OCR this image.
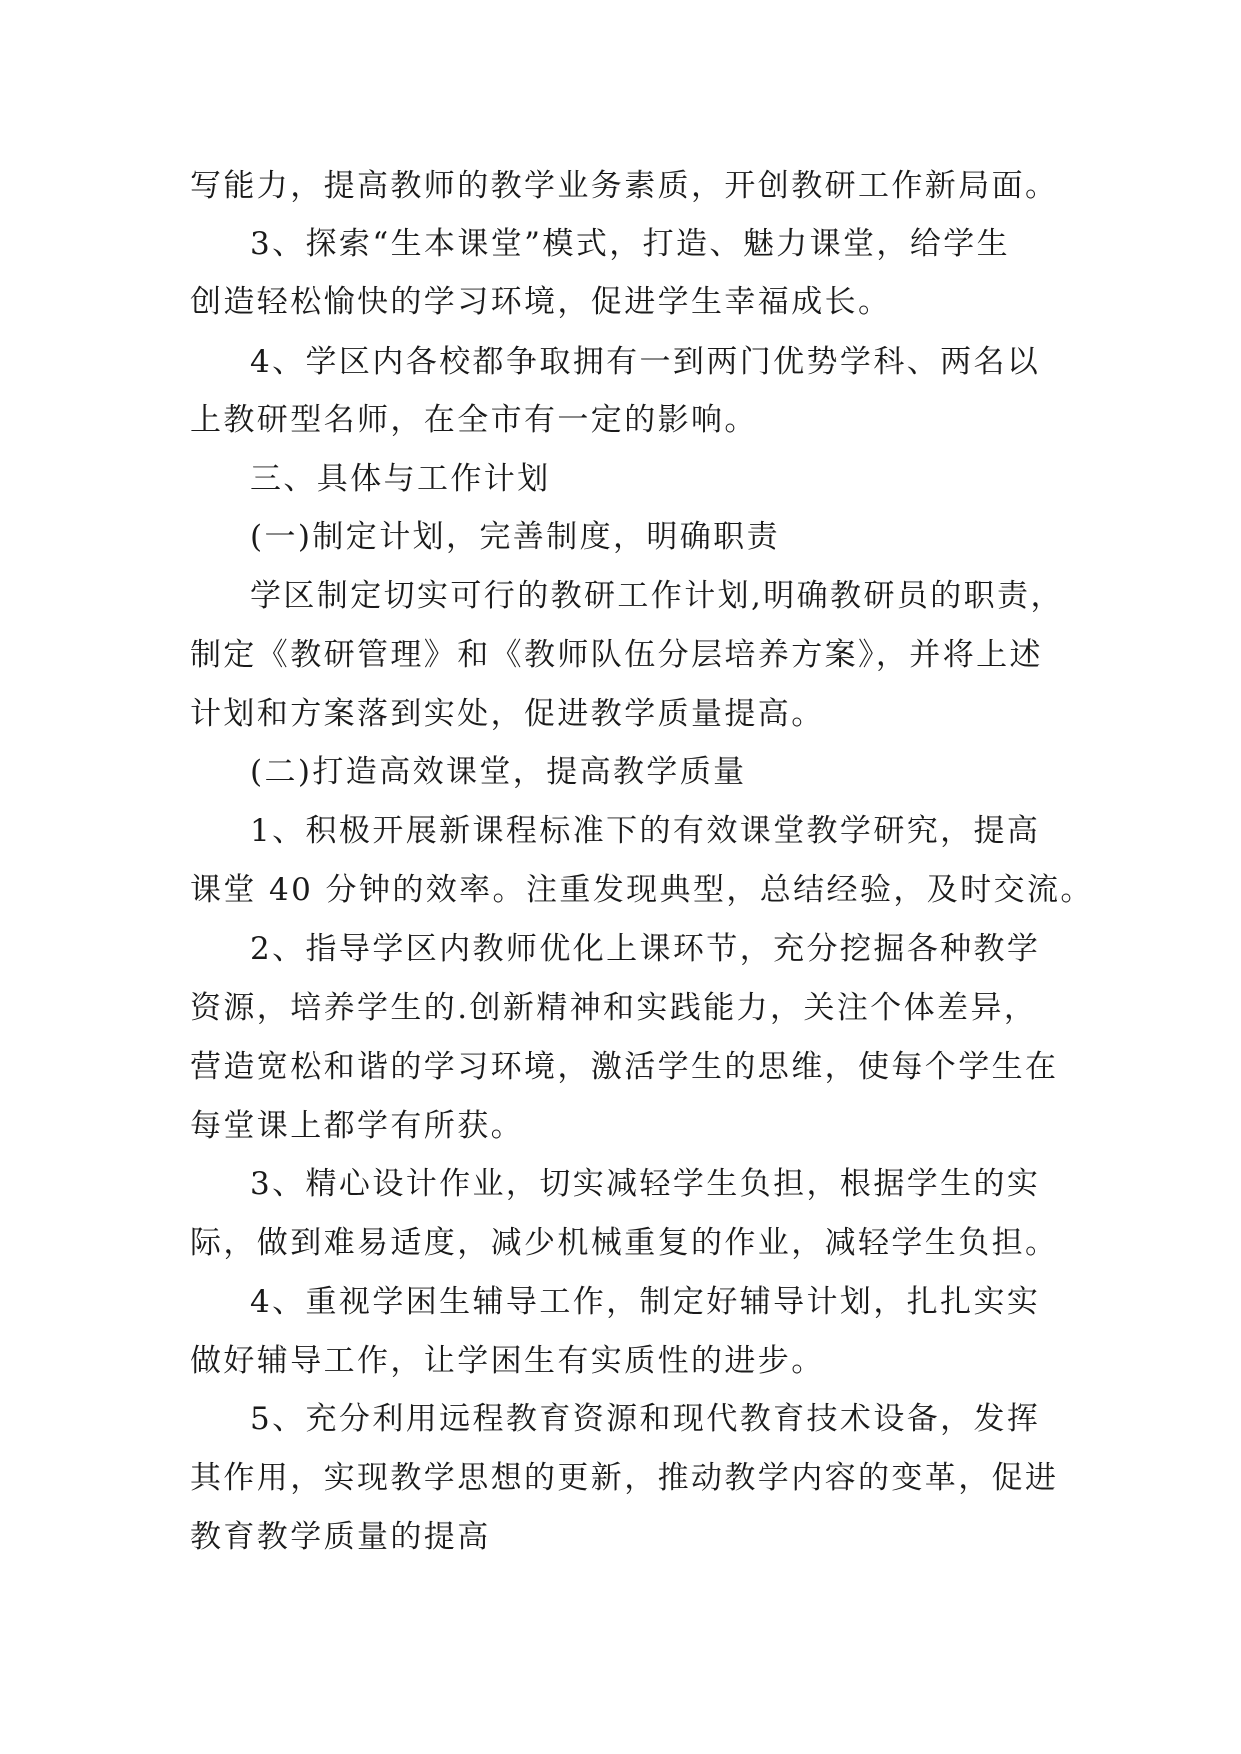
写能力，提高教师的教学业务素质，开创教研工作新局面。
3、探索“生本课堂”模式，打造、魅力课堂，给学生
创造轻松愉快的学习环境，促进学生幸福成长。
4、学区内各校都争取拥有一到两门优势学科、两名以
上教研型名师，在全市有一定的影响。
三、具体与工作计划
(一)制定计划，完善制度，明确职责
学区制定切实可行的教研工作计划,明确教研员的职责，
制定《教研管理》和《教师队伍分层培养方案》，并将上述
计划和方案落到实处，促进教学质量提高。
(二)打造高效课堂，提高教学质量
1、积极开展新课程标准下的有效课堂教学研究，提高
课堂 40 分钟的效率。注重发现典型，总结经验，及时交流。
2、指导学区内教师优化上课环节，充分挖掘各种教学
资源，培养学生的.创新精神和实践能力，关注个体差异，
营造宽松和谐的学习环境，激活学生的思维，使每个学生在
每堂课上都学有所获。
3、精心设计作业，切实减轻学生负担，根据学生的实
际，做到难易适度，减少机械重复的作业，减轻学生负担。
4、重视学困生辅导工作，制定好辅导计划，扎扎实实
做好辅导工作，让学困生有实质性的进步。
5、充分利用远程教育资源和现代教育技术设备，发挥
其作用，实现教学思想的更新，推动教学内容的变革，促进
教育教学质量的提高
